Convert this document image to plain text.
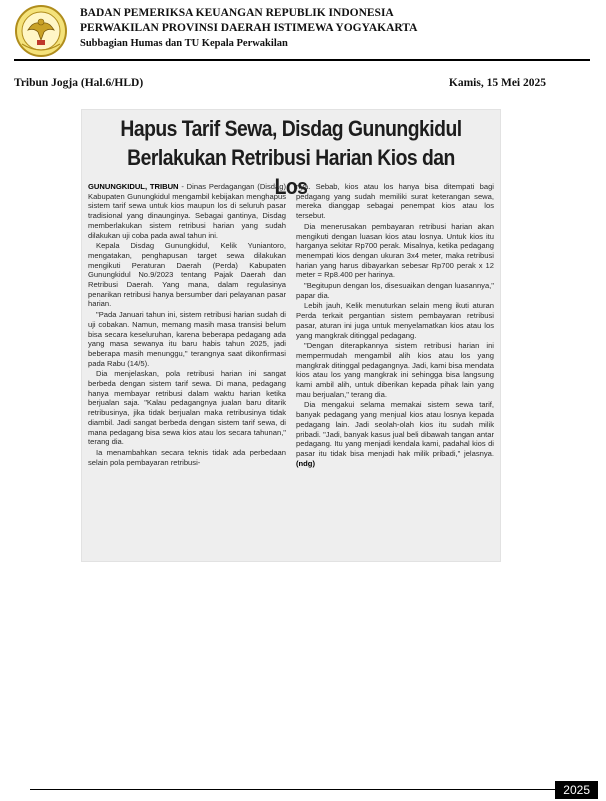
BADAN PEMERIKSA KEUANGAN REPUBLIK INDONESIA
PERWAKILAN PROVINSI DAERAH ISTIMEWA YOGYAKARTA
Subbagian Humas dan TU Kepala Perwakilan
Tribun Jogja (Hal.6/HLD)	Kamis, 15 Mei 2025
Hapus Tarif Sewa, Disdag Gunungkidul
Berlakukan Retribusi Harian Kios dan Los

GUNUNGKIDUL, TRIBUN - Dinas Perdagangan (Disdag) Kabupaten Gunungkidul mengambil kebijakan menghapus sistem tarif sewa untuk kios maupun los di seluruh pasar tradisional yang dinaunginya. Sebagai gantinya, Disdag memberlakukan sistem retribusi harian yang sudah dilakukan uji coba pada awal tahun ini.

Kepala Disdag Gunungkidul, Kelik Yuniantoro, mengatakan, penghapusan target sewa dilakukan mengikuti Peraturan Daerah (Perda) Kabupaten Gunungkidul No.9/2023 tentang Pajak Daerah dan Retribusi Daerah. Yang mana, dalam regulasinya penarikan retribusi hanya bersumber dari pelayanan pasar harian.

"Pada Januari tahun ini, sistem retribusi harian sudah di uji cobakan. Namun, memang masih masa transisi belum bisa secara keseluruhan, karena beberapa pedagang ada yang masa sewanya itu baru habis tahun 2025, jadi beberapa masih menunggu," terangnya saat dikonfirmasi pada Rabu (14/5).

Dia menjelaskan, pola retribusi harian ini sangat berbeda dengan sistem tarif sewa. Di mana, pedagang hanya membayar retribusi dalam waktu harian ketika berjualan saja. "Kalau pedagangnya jualan baru ditarik retribusinya, jika tidak berjualan maka retribusinya tidak diambil. Jadi sangat berbeda dengan sistem tarif sewa, di mana pedagang bisa sewa kios atau los secara tahunan," terang dia.

Ia menambahkan secara teknis tidak ada perbedaan selain pola pembayaran retribusi-

nya. Sebab, kios atau los hanya bisa ditempati bagi pedagang yang sudah memiliki surat keterangan sewa, mereka dianggap sebagai penempat kios atau los tersebut.

Dia menerusakan pembayaran retribusi harian akan mengikuti dengan luasan kios atau losnya. Untuk kios itu harganya sekitar Rp700 perak. Misalnya, ketika pedagang menempati kios dengan ukuran 3x4 meter, maka retribusi harian yang harus dibayarkan sebesar Rp700 perak x 12 meter = Rp8.400 per harinya.

"Begitupun dengan los, disesuaikan dengan luasannya," papar dia.

Lebih jauh, Kelik menuturkan selain meng ikuti aturan Perda terkait pergantian sistem pembayaran retribusi pasar, aturan ini juga untuk menyelamatkan kios atau los yang mangkrak ditinggal pedagang.

"Dengan diterapkannya sistem retribusi harian ini mempermudah mengambil alih kios atau los yang mangkrak ditinggal pedagangnya. Jadi, kami bisa mendata kios atau los yang mangkrak ini sehingga bisa langsung kami ambil alih, untuk diberikan kepada pihak lain yang mau berjualan," terang dia.

Dia mengakui selama memakai sistem sewa tarif, banyak pedagang yang menjual kios atau losnya kepada pedagang lain. Jadi seolah-olah kios itu sudah milik pribadi. "Jadi, banyak kasus jual beli dibawah tangan antar pedagang. Itu yang menjadi kendala kami, padahal kios di pasar itu tidak bisa menjadi hak milik pribadi," jelasnya. (ndg)

2025
